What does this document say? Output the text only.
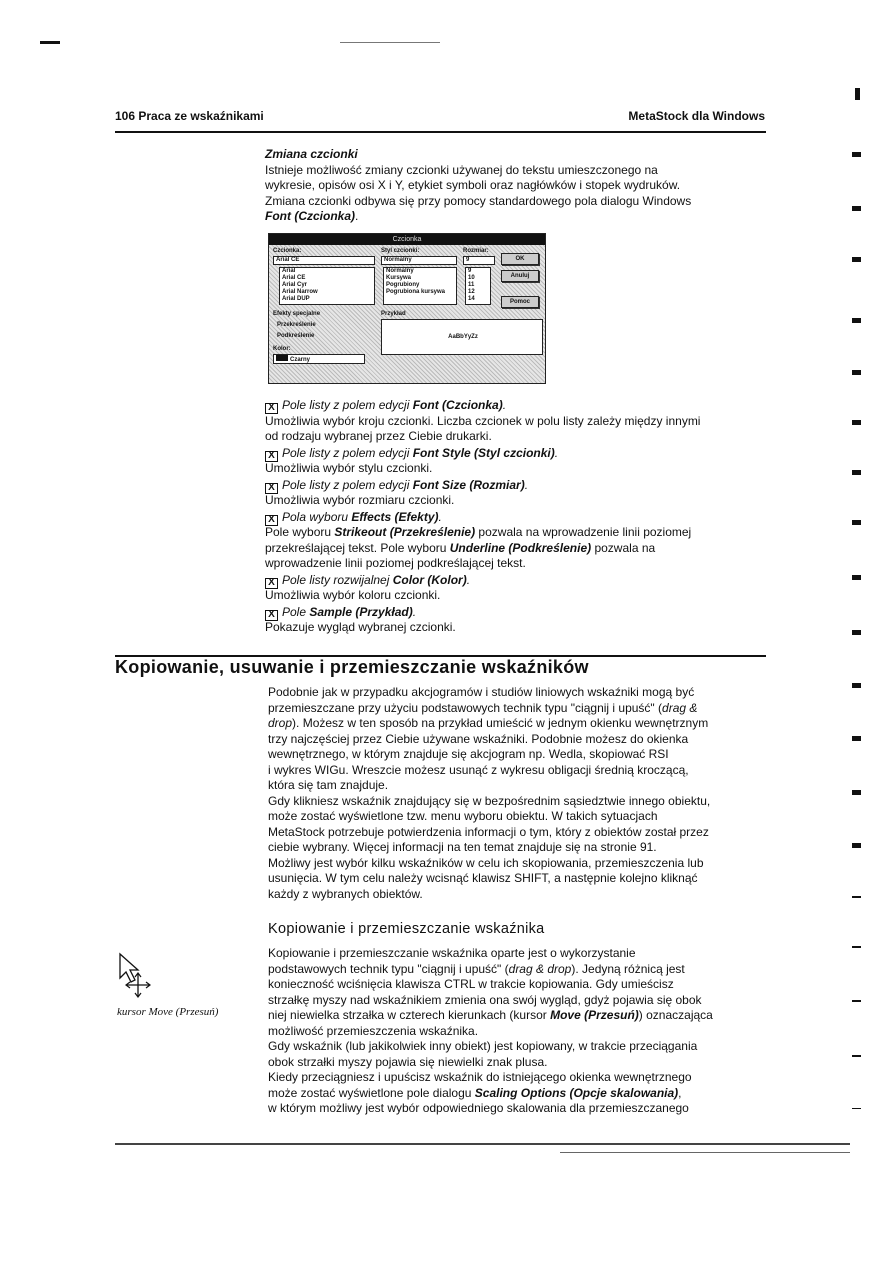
106 Praca ze wskaźnikami	MetaStock dla Windows
Zmiana czcionki
Istnieje możliwość zmiany czcionki używanej do tekstu umieszczonego na
wykresie, opisów osi X i Y, etykiet symboli oraz nagłówków i stopek wydruków.
Zmiana czcionki odbywa się przy pomocy standardowego pola dialogu Windows
Font (Czcionka).
Czcionka
Czcionka:
Arial CE
Arial
Arial CE
Arial Cyr
Arial Narrow
Arial DUP
Styl czcionki:
Normalny
Normalny
Kursywa
Pogrubiony
Pogrubiona kursywa
Rozmiar:
9
9
10
11
12
14
OK
Anuluj
Pomoc
Efekty specjalne
Przekreślenie
Podkreślenie
Kolor:
Czarny
Przykład
AaBbYyZz
X Pole listy z polem edycji Font (Czcionka).
Umożliwia wybór kroju czcionki. Liczba czcionek w polu listy zależy między innymi
od rodzaju wybranej przez Ciebie drukarki.
X Pole listy z polem edycji Font Style (Styl czcionki).
Umożliwia wybór stylu czcionki.
X Pole listy z polem edycji Font Size (Rozmiar).
Umożliwia wybór rozmiaru czcionki.
X Pola wyboru Effects (Efekty).
Pole wyboru Strikeout (Przekreślenie) pozwala na wprowadzenie linii poziomej
przekreślającej tekst. Pole wyboru Underline (Podkreślenie) pozwala na
wprowadzenie linii poziomej podkreślającej tekst.
X Pole listy rozwijalnej Color (Kolor).
Umożliwia wybór koloru czcionki.
X Pole Sample (Przykład).
Pokazuje wygląd wybranej czcionki.
Kopiowanie, usuwanie i przemieszczanie wskaźników
Podobnie jak w przypadku akcjogramów i studiów liniowych wskaźniki mogą być
przemieszczane przy użyciu podstawowych technik typu "ciągnij i upuść" (drag &
drop). Możesz w ten sposób na przykład umieścić w jednym okienku wewnętrznym
trzy najczęściej przez Ciebie używane wskaźniki. Podobnie możesz do okienka
wewnętrznego, w którym znajduje się akcjogram np. Wedla, skopiować RSI
i wykres WIGu. Wreszcie możesz usunąć z wykresu obligacji średnią kroczącą,
która się tam znajduje.
Gdy klikniesz wskaźnik znajdujący się w bezpośrednim sąsiedztwie innego obiektu,
może zostać wyświetlone tzw. menu wyboru obiektu. W takich sytuacjach
MetaStock potrzebuje potwierdzenia informacji o tym, który z obiektów został przez
ciebie wybrany. Więcej informacji na ten temat znajduje się na stronie 91.
Możliwy jest wybór kilku wskaźników w celu ich skopiowania, przemieszczenia lub
usunięcia. W tym celu należy wcisnąć klawisz SHIFT, a następnie kolejno kliknąć
każdy z wybranych obiektów.
Kopiowanie i przemieszczanie wskaźnika
Kopiowanie i przemieszczanie wskaźnika oparte jest o wykorzystanie
podstawowych technik typu "ciągnij i upuść" (drag & drop). Jedyną różnicą jest
konieczność wciśnięcia klawisza CTRL w trakcie kopiowania. Gdy umieścisz
strzałkę myszy nad wskaźnikiem zmienia ona swój wygląd, gdyż pojawia się obok
niej niewielka strzałka w czterech kierunkach (kursor Move (Przesuń)) oznaczająca
możliwość przemieszczenia wskaźnika.
Gdy wskaźnik (lub jakikolwiek inny obiekt) jest kopiowany, w trakcie przeciągania
obok strzałki myszy pojawia się niewielki znak plusa.
Kiedy przeciągniesz i upuścisz wskaźnik do istniejącego okienka wewnętrznego
może zostać wyświetlone pole dialogu Scaling Options (Opcje skalowania),
w którym możliwy jest wybór odpowiedniego skalowania dla przemieszczanego
kursor Move (Przesuń)
